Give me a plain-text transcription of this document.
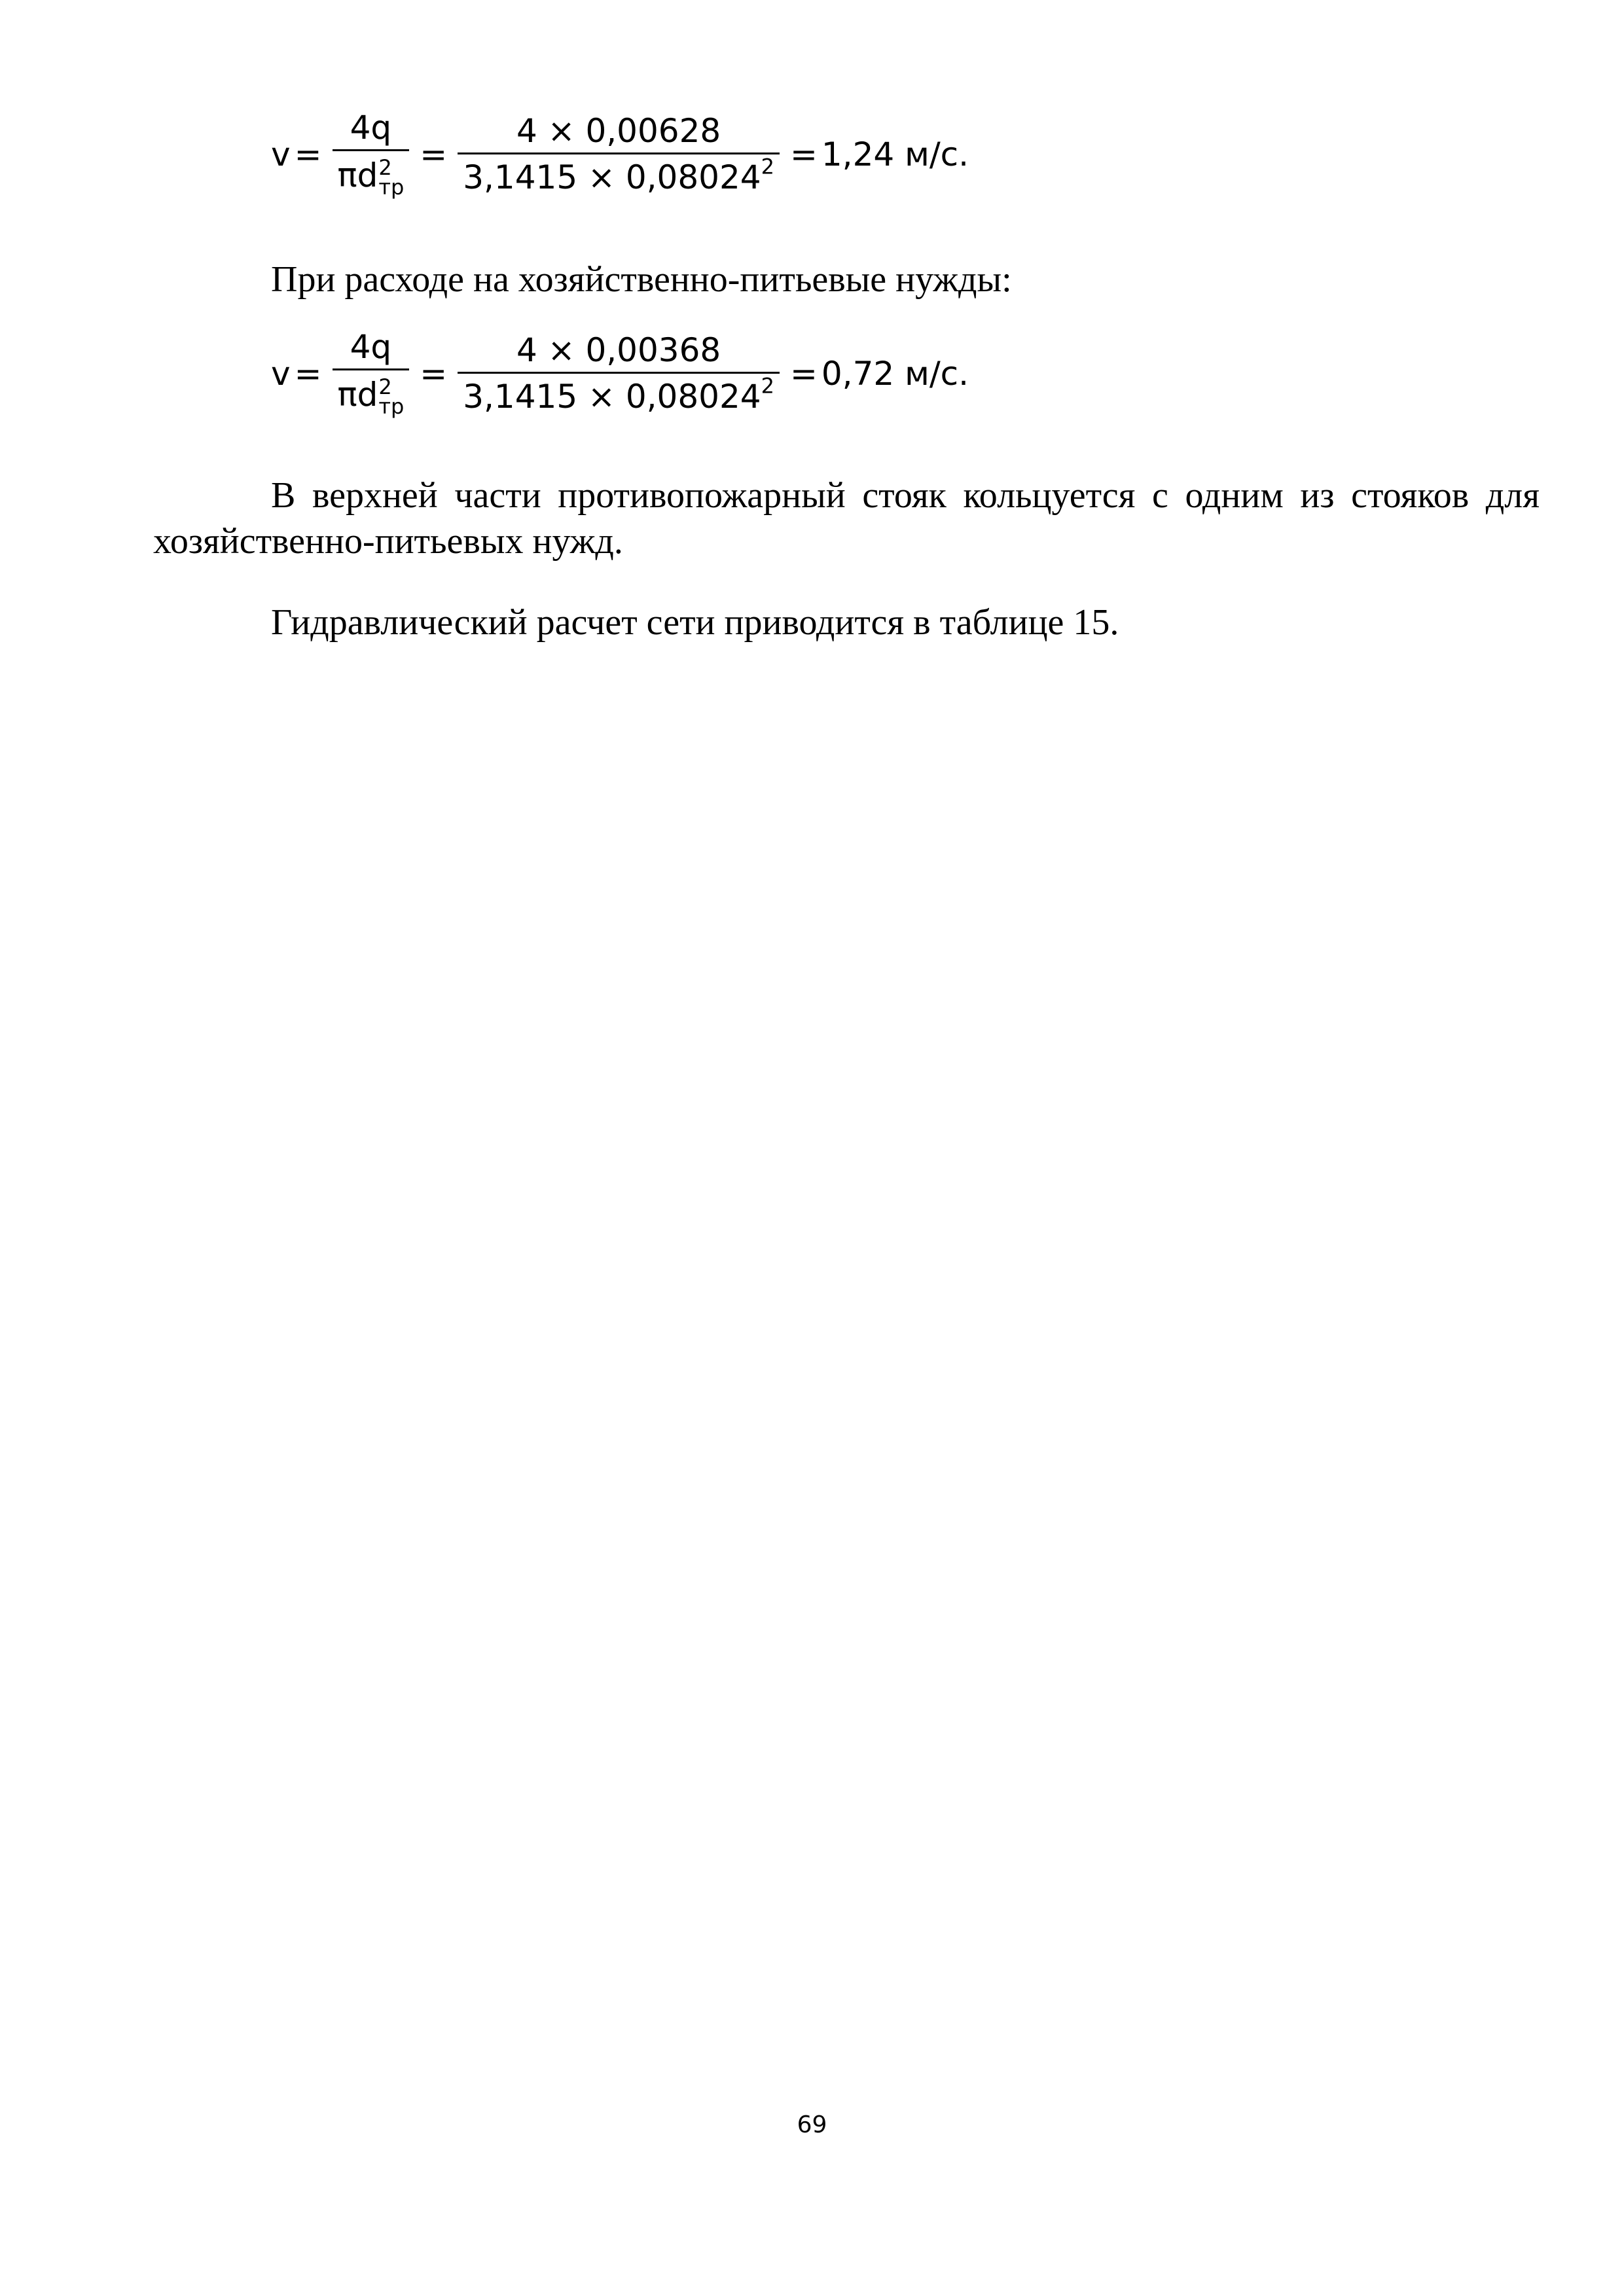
v = 4q
πd 2
тр = $\frac{4 \times 0,00628}{3,1415 \times 0,08024^2} = 1,24$ м/с.

При расходе на хозяйственно-питьевые нужды:

v = 4q
πd 2
тр = $\frac{4 \times 0,00368}{3,1415 \times 0,08024^2} = 0,72$ м/с.

В верхней части противопожарный стояк кольцуется с одним из стояков для хозяйственно-питьевых нужд.

Гидравлический расчет сети приводится в таблице 15.

69
